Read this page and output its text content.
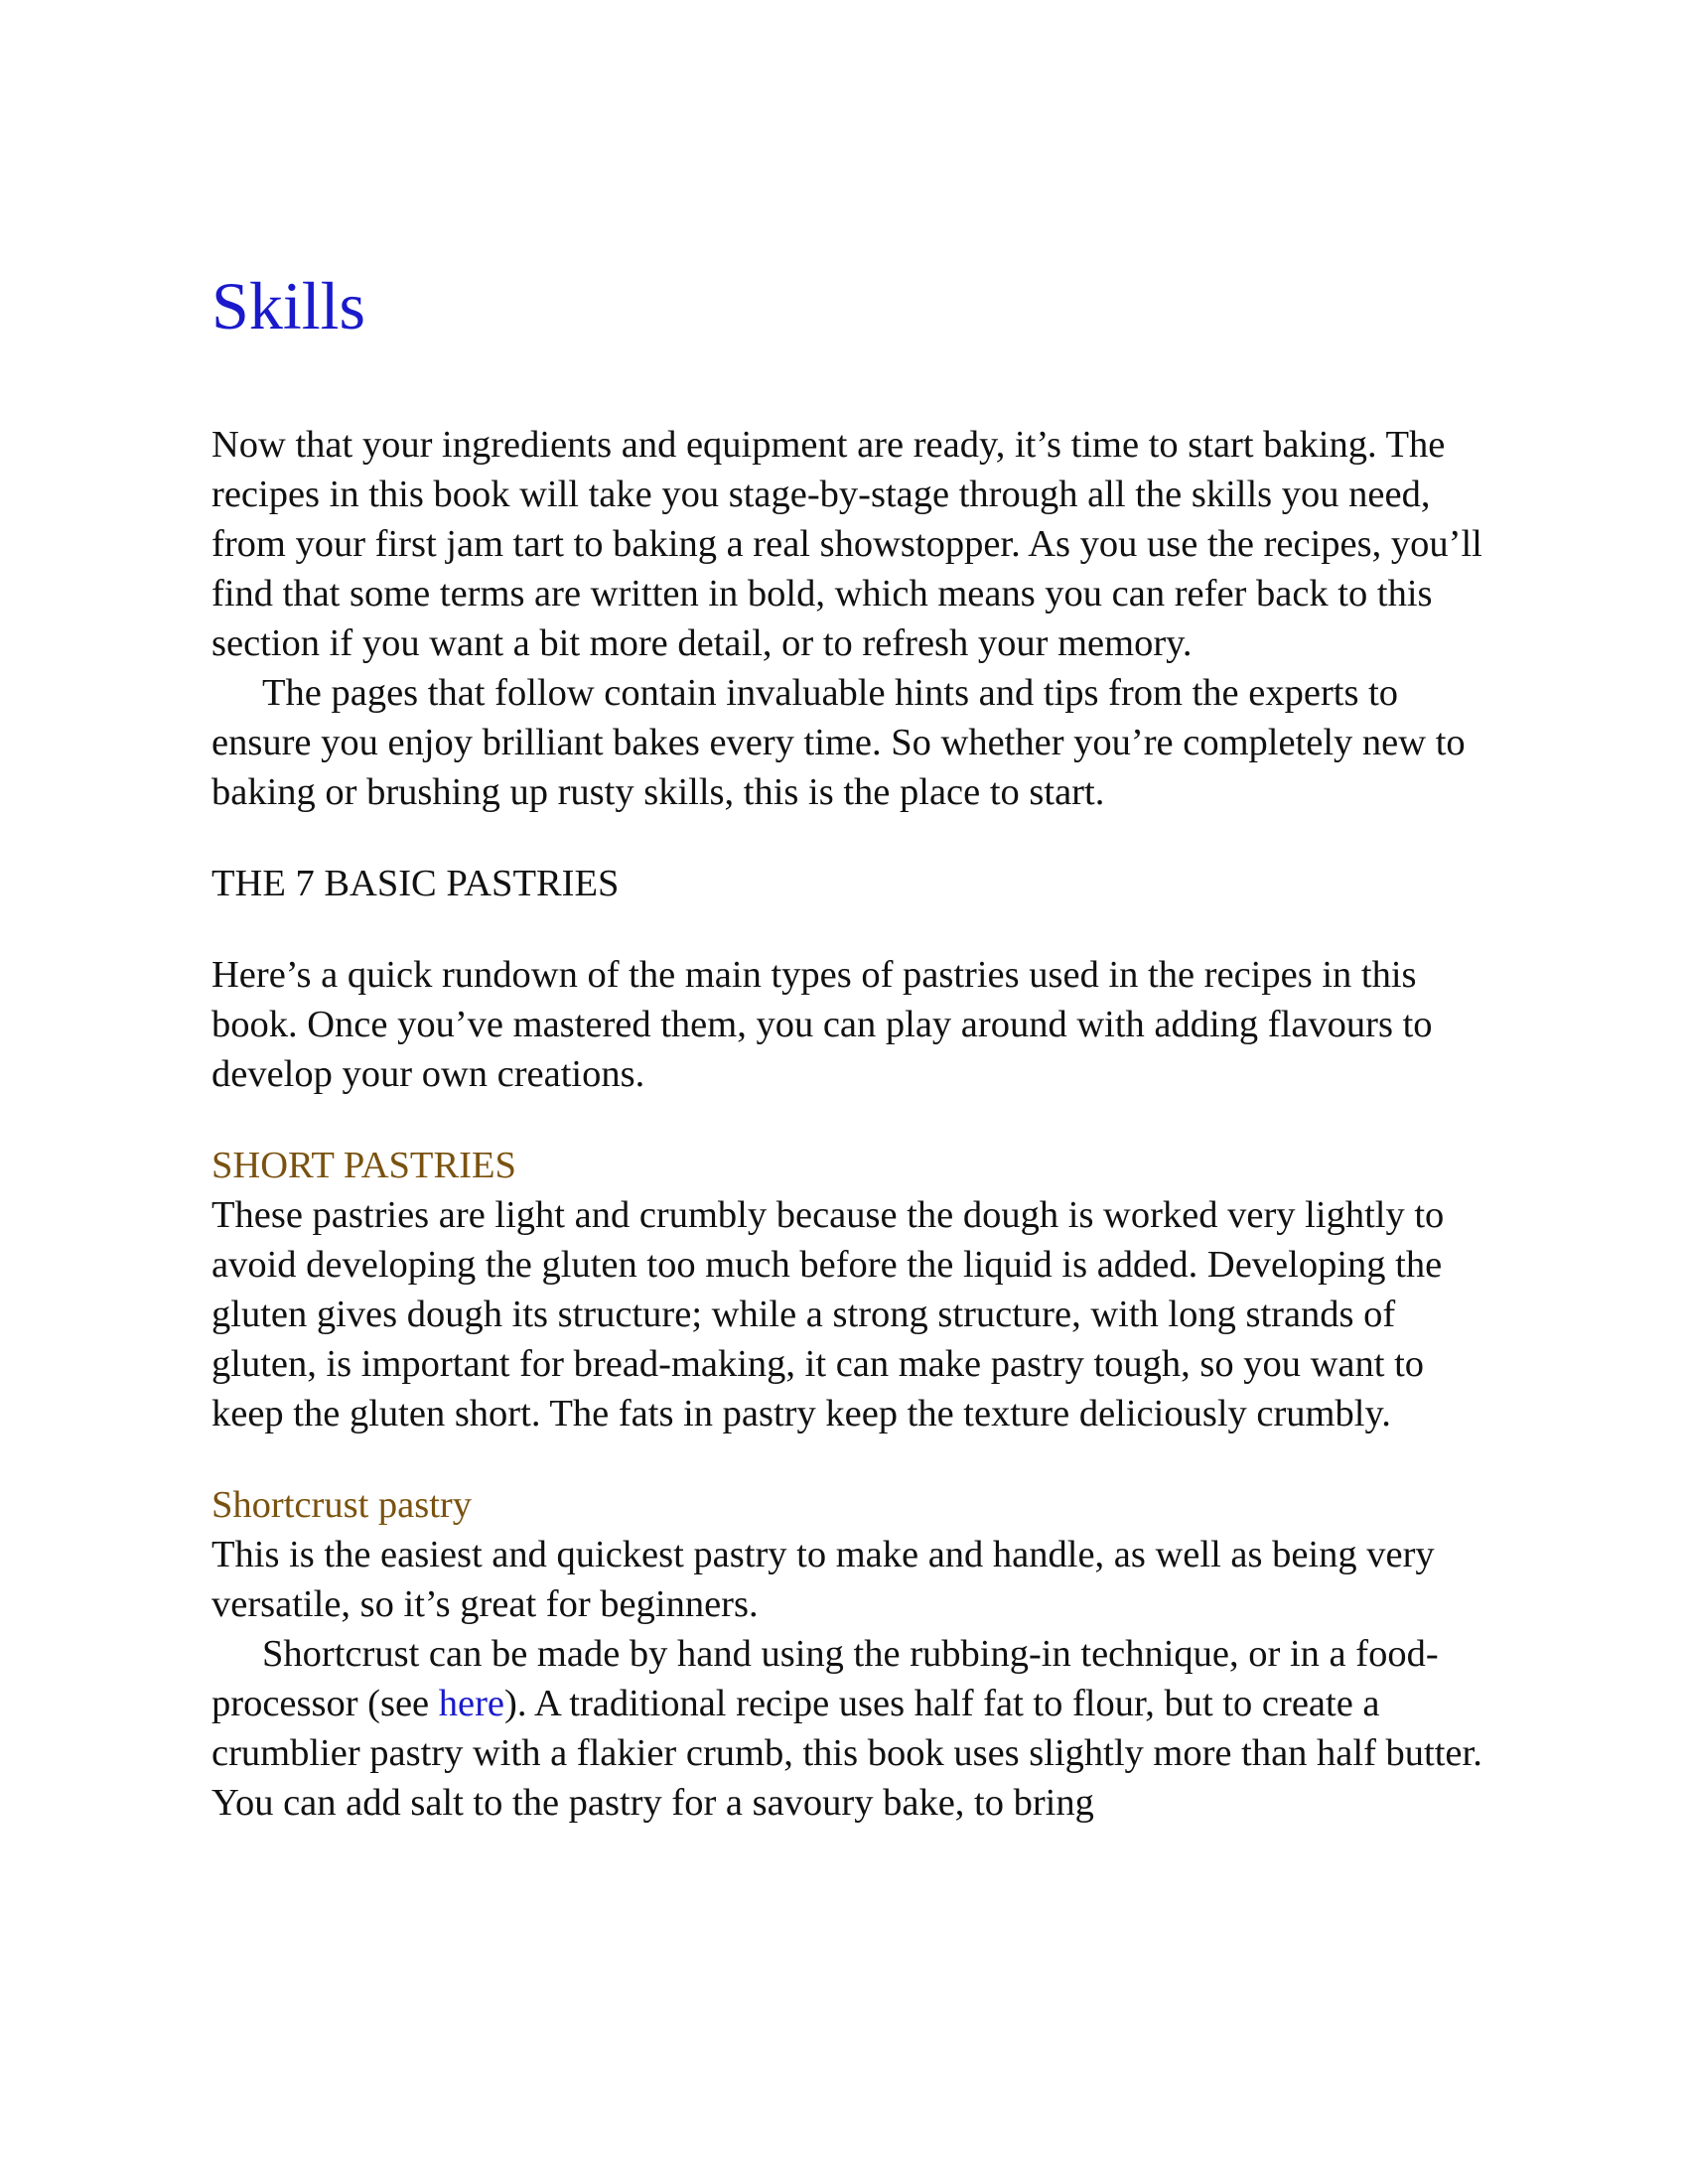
Skills

Now that your ingredients and equipment are ready, it’s time to start baking. The recipes in this book will take you stage-by-stage through all the skills you need, from your first jam tart to baking a real showstopper. As you use the recipes, you’ll find that some terms are written in bold, which means you can refer back to this section if you want a bit more detail, or to refresh your memory.

The pages that follow contain invaluable hints and tips from the experts to ensure you enjoy brilliant bakes every time. So whether you’re completely new to baking or brushing up rusty skills, this is the place to start.

THE 7 BASIC PASTRIES

Here’s a quick rundown of the main types of pastries used in the recipes in this book. Once you’ve mastered them, you can play around with adding flavours to develop your own creations.

SHORT PASTRIES

These pastries are light and crumbly because the dough is worked very lightly to avoid developing the gluten too much before the liquid is added. Developing the gluten gives dough its structure; while a strong structure, with long strands of gluten, is important for bread-making, it can make pastry tough, so you want to keep the gluten short. The fats in pastry keep the texture deliciously crumbly.

Shortcrust pastry

This is the easiest and quickest pastry to make and handle, as well as being very versatile, so it’s great for beginners.

Shortcrust can be made by hand using the rubbing-in technique, or in a food-processor (see here). A traditional recipe uses half fat to flour, but to create a crumblier pastry with a flakier crumb, this book uses slightly more than half butter. You can add salt to the pastry for a savoury bake, to bring
